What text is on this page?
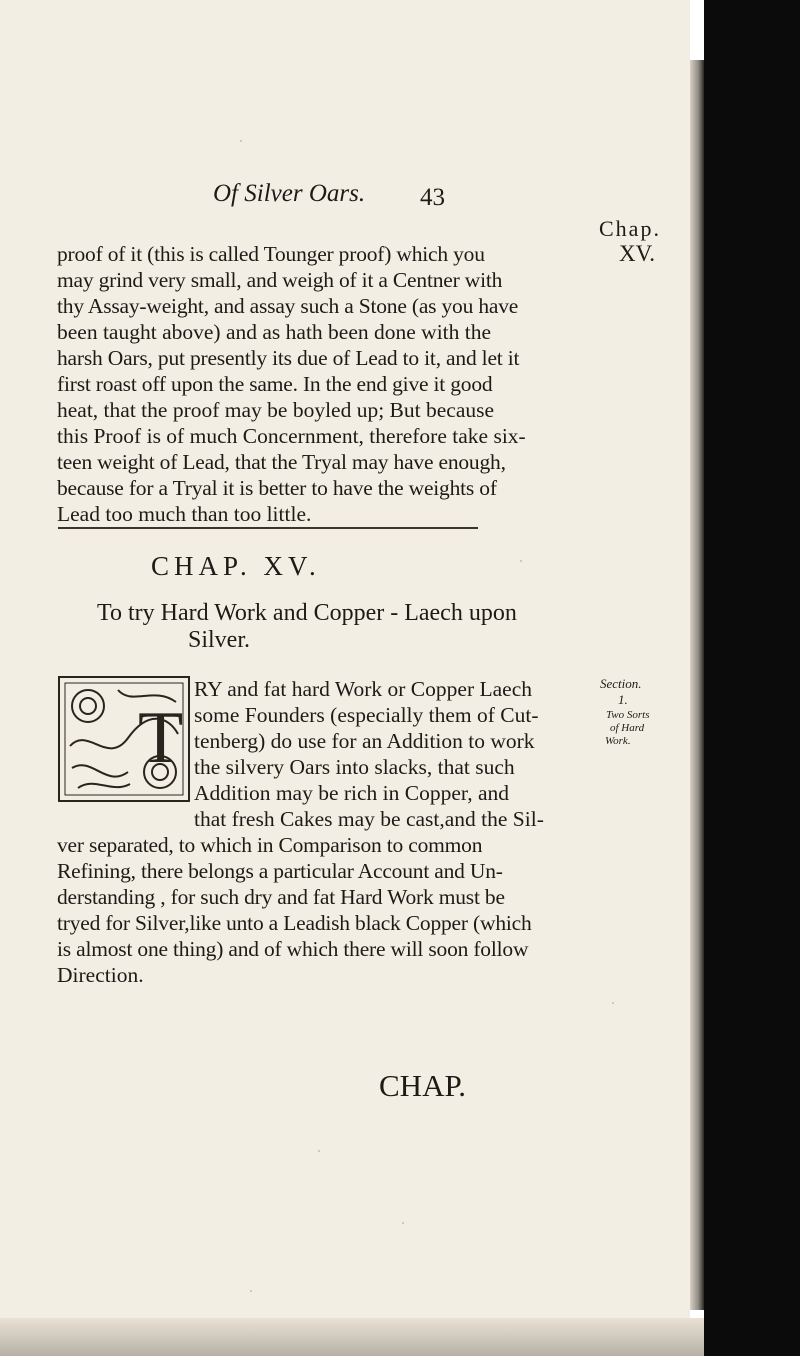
Of Silver Oars. 43

Chap.

XV.

proof of it (this is called Tounger proof) which you

may grind very small, and weigh of it a Centner with

thy Assay-weight, and assay such a Stone (as you have

been taught above) and as hath been done with the

harsh Oars, put presently its due of Lead to it, and let it

first roast off upon the same. In the end give it good

heat, that the proof may be boyled up; But because

this Proof is of much Concernment, therefore take six-

teen weight of Lead, that the Tryal may have enough,

because for a Tryal it is better to have the weights of

Lead too much than too little.

CHAP. XV.

To try Hard Work and Copper - Laech upon

Silver.

T

RY and fat hard Work or Copper Laech

some Founders (especially them of Cut-

tenberg) do use for an Addition to work

the silvery Oars into slacks, that such

Addition may be rich in Copper, and

that fresh Cakes may be cast,and the Sil-

ver separated, to which in Comparison to common

Refining, there belongs a particular Account and Un-

derstanding , for such dry and fat Hard Work must be

tryed for Silver,like unto a Leadish black Copper (which

is almost one thing) and of which there will soon follow

Direction.

Section.

1.

Two Sorts

of Hard

Work.

CHAP.
